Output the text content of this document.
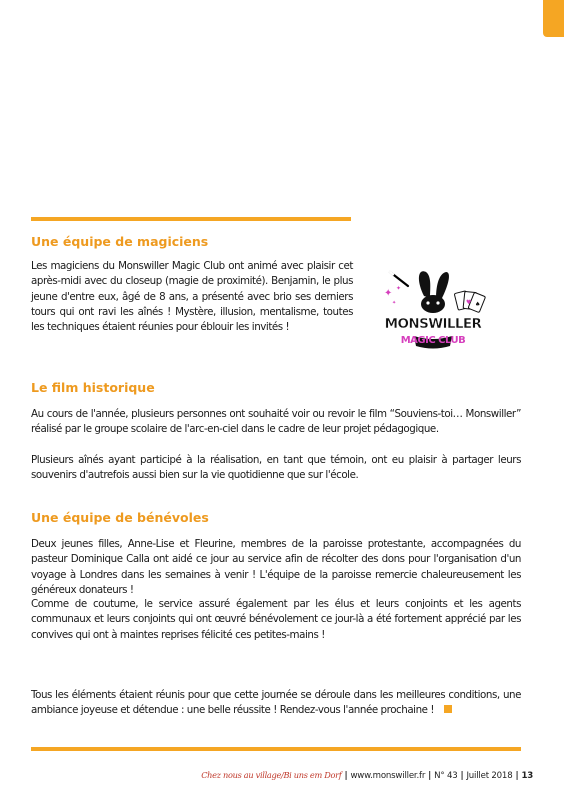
Une équipe de magiciens

Les magiciens du Monswiller Magic Club ont animé avec plaisir cet après-midi avec du closeup (magie de proximité). Benjamin, le plus jeune d'entre eux, âgé de 8 ans, a présenté avec brio ses derniers tours qui ont ravi les aînés ! Mystère, illusion, mentalisme, toutes les techniques étaient réunies pour éblouir les invités !

✦ ✦
✦	♥ ♠
MONSWILLER
MAGIC CLUB
Le film historique

Au cours de l'année, plusieurs personnes ont souhaité voir ou revoir le film “Souviens-toi… Monswiller” réalisé par le groupe scolaire de l'arc-en-ciel dans le cadre de leur projet pédagogique.

Plusieurs aînés ayant participé à la réalisation, en tant que témoin, ont eu plaisir à partager leurs souvenirs d'autrefois aussi bien sur la vie quotidienne que sur l'école.

Une équipe de bénévoles

Deux jeunes filles, Anne-Lise et Fleurine, membres de la paroisse protestante, accompagnées du pasteur Dominique Calla ont aidé ce jour au service afin de récolter des dons pour l'organisation d'un voyage à Londres dans les semaines à venir ! L'équipe de la paroisse remercie chaleureusement les généreux donateurs !

Comme de coutume, le service assuré également par les élus et leurs conjoints et les agents communaux et leurs conjoints qui ont œuvré bénévolement ce jour-là a été fortement apprécié par les convives qui ont à maintes reprises félicité ces petites-mains !

Tous les éléments étaient réunis pour que cette journée se déroule dans les meilleures conditions, une ambiance joyeuse et détendue : une belle réussite ! Rendez-vous l'année prochaine !

Chez nous au village/Bi uns em Dorf | www.monswiller.fr | N° 43 | Juillet 2018 | 13
